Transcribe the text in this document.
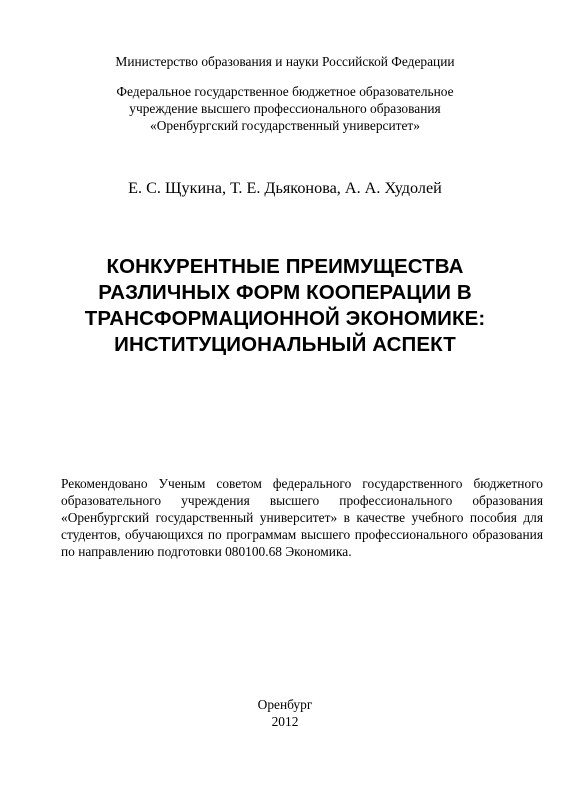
Министерство образования и науки Российской Федерации
Федеральное государственное бюджетное образовательное
учреждение высшего профессионального образования
«Оренбургский государственный университет»
Е. С. Щукина, Т. Е. Дьяконова, А. А. Худолей
КОНКУРЕНТНЫЕ ПРЕИМУЩЕСТВА
РАЗЛИЧНЫХ ФОРМ КООПЕРАЦИИ В
ТРАНСФОРМАЦИОННОЙ ЭКОНОМИКЕ:
ИНСТИТУЦИОНАЛЬНЫЙ АСПЕКТ
Рекомендовано Ученым советом федерального государственного бюджетного
образовательного учреждения высшего профессионального образования
«Оренбургский государственный университет» в качестве учебного пособия для
студентов, обучающихся по программам высшего профессионального образования
по направлению подготовки 080100.68 Экономика.
Оренбург
2012
